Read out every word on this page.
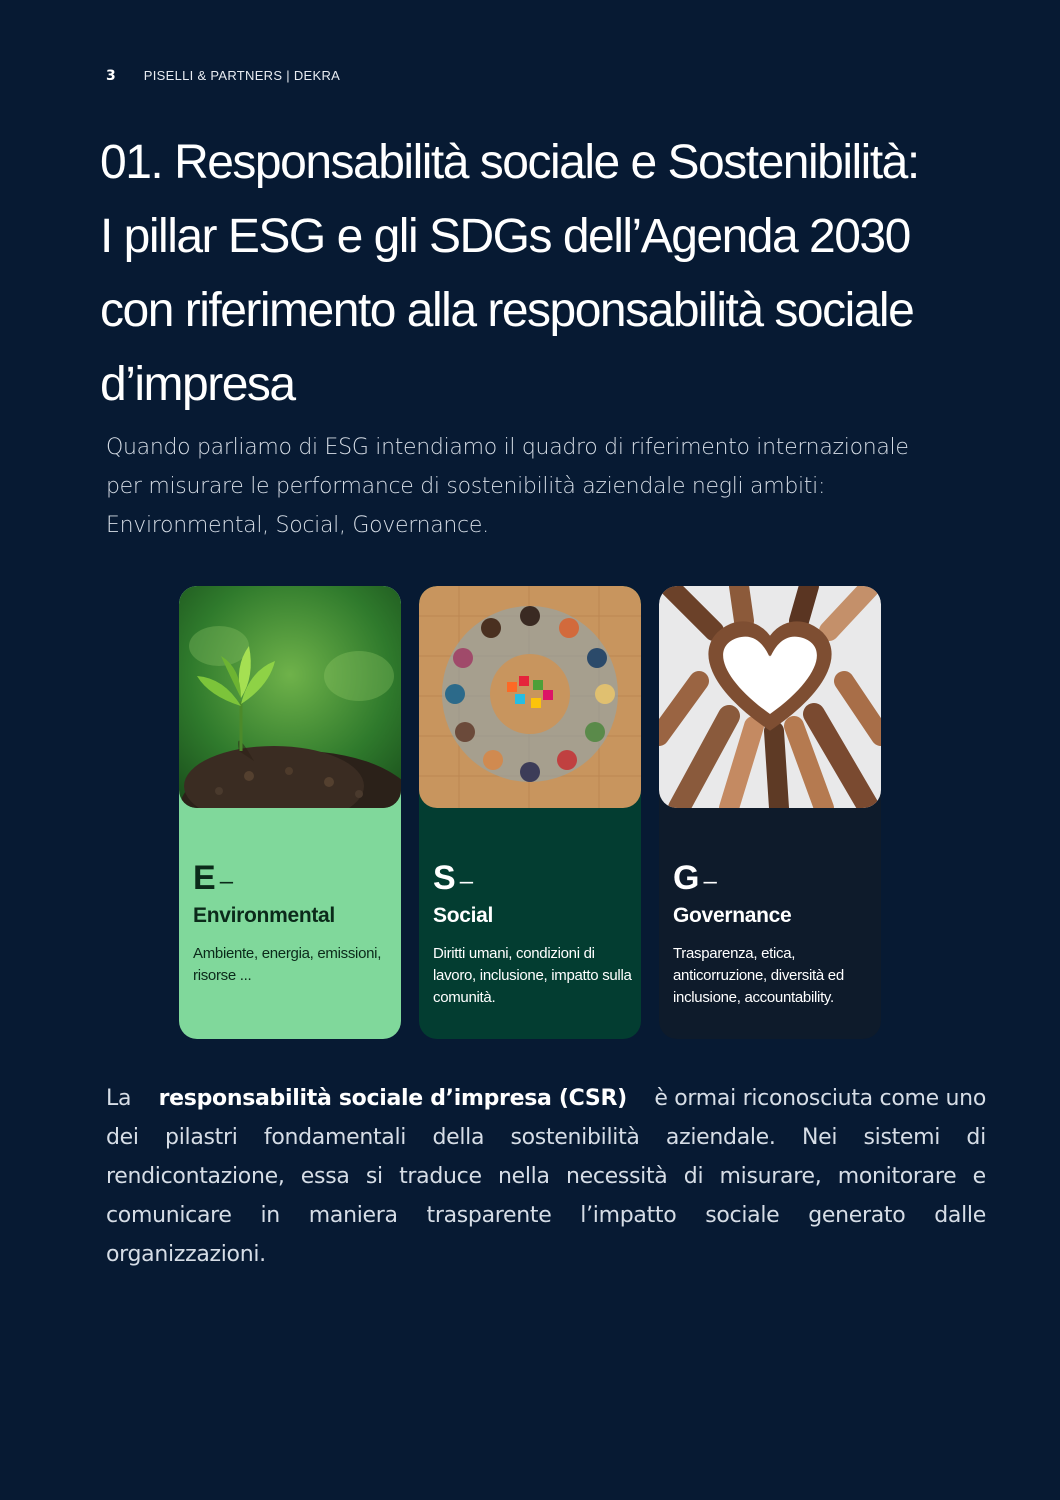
3 PISELLI & PARTNERS | DEKRA
01. Responsabilità sociale e Sostenibilità:
I pillar ESG e gli SDGs dell’Agenda 2030
con riferimento alla responsabilità sociale
d’impresa

Quando parliamo di ESG intendiamo il quadro di riferimento internazionale
per misurare le performance di sostenibilità aziendale negli ambiti:
Environmental, Social, Governance.

E –
Environmental
Ambiente, energia, emissioni, risorse ...
S –
Social
Diritti umani, condizioni di lavoro, inclusione, impatto sulla comunità.
G –
Governance
Trasparenza, etica, anticorruzione, diversità ed inclusione, accountability.
La responsabilità sociale d’impresa (CSR) è ormai riconosciuta come uno
dei pilastri fondamentali della sostenibilità aziendale. Nei sistemi di
rendicontazione, essa si traduce nella necessità di misurare, monitorare e
comunicare in maniera trasparente l’impatto sociale generato dalle
organizzazioni.
